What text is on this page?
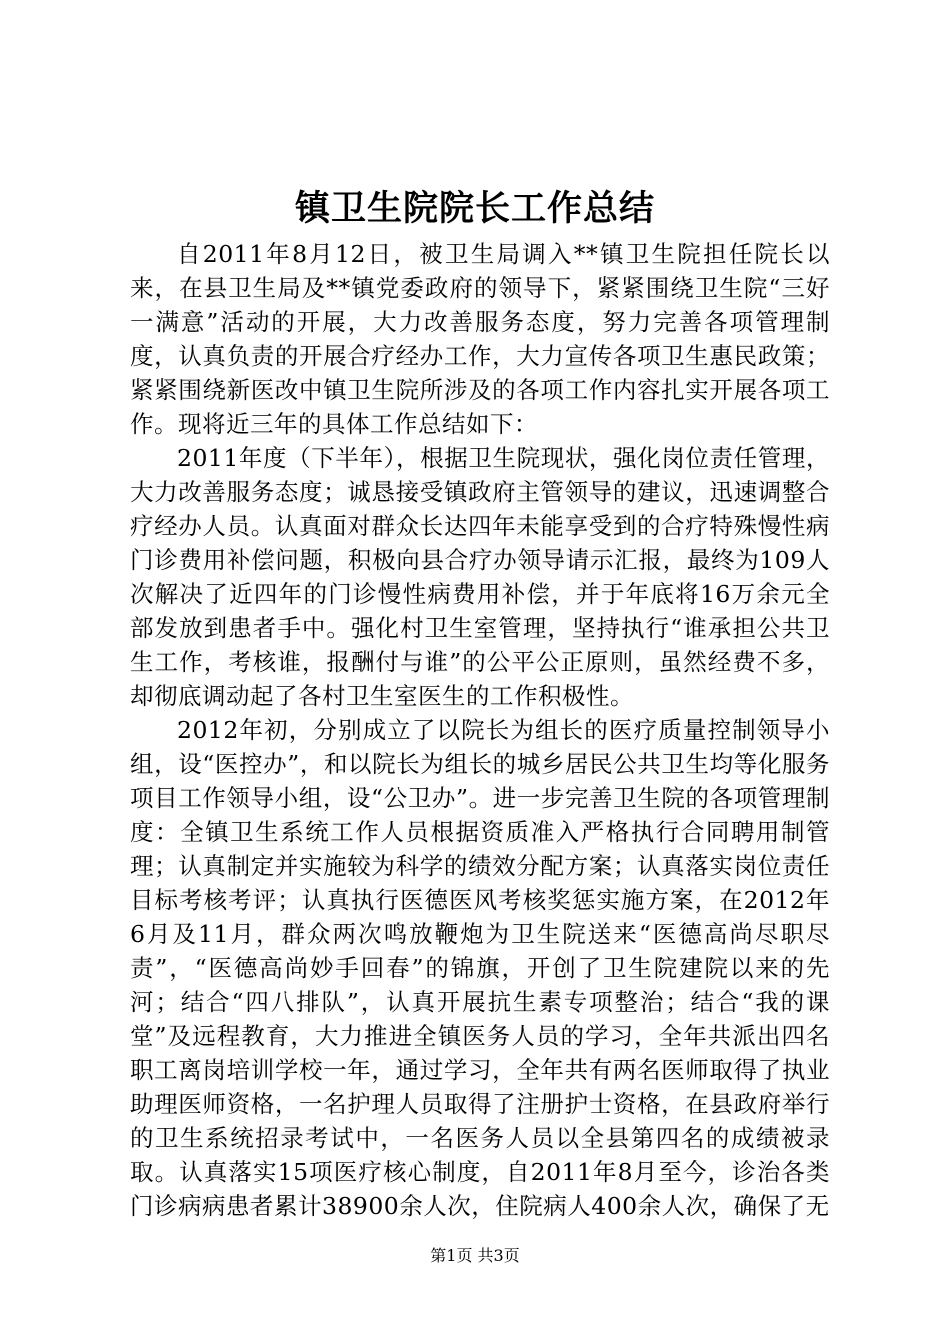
镇卫生院院长工作总结

自2011年8月12日，被卫生局调入**镇卫生院担任院长以来，在县卫生局及**镇党委政府的领导下，紧紧围绕卫生院“三好一满意”活动的开展，大力改善服务态度，努力完善各项管理制度，认真负责的开展合疗经办工作，大力宣传各项卫生惠民政策；紧紧围绕新医改中镇卫生院所涉及的各项工作内容扎实开展各项工作。现将近三年的具体工作总结如下：

2011年度（下半年），根据卫生院现状，强化岗位责任管理，大力改善服务态度；诚恳接受镇政府主管领导的建议，迅速调整合疗经办人员。认真面对群众长达四年未能享受到的合疗特殊慢性病门诊费用补偿问题，积极向县合疗办领导请示汇报，最终为109人次解决了近四年的门诊慢性病费用补偿，并于年底将16万余元全部发放到患者手中。强化村卫生室管理，坚持执行“谁承担公共卫生工作，考核谁，报酬付与谁”的公平公正原则，虽然经费不多，却彻底调动起了各村卫生室医生的工作积极性。

2012年初，分别成立了以院长为组长的医疗质量控制领导小组，设“医控办”，和以院长为组长的城乡居民公共卫生均等化服务项目工作领导小组，设“公卫办”。进一步完善卫生院的各项管理制度：全镇卫生系统工作人员根据资质准入严格执行合同聘用制管理；认真制定并实施较为科学的绩效分配方案；认真落实岗位责任目标考核考评；认真执行医德医风考核奖惩实施方案，在2012年6月及11月，群众两次鸣放鞭炮为卫生院送来“医德高尚尽职尽责”，“医德高尚妙手回春”的锦旗，开创了卫生院建院以来的先河；结合“四八排队”，认真开展抗生素专项整治；结合“我的课堂”及远程教育，大力推进全镇医务人员的学习，全年共派出四名职工离岗培训学校一年，通过学习，全年共有两名医师取得了执业助理医师资格，一名护理人员取得了注册护士资格，在县政府举行的卫生系统招录考试中，一名医务人员以全县第四名的成绩被录取。认真落实15项医疗核心制度，自2011年8月至今，诊治各类门诊病病患者累计38900余人次，住院病人400余人次，确保了无

第1页 共3页
